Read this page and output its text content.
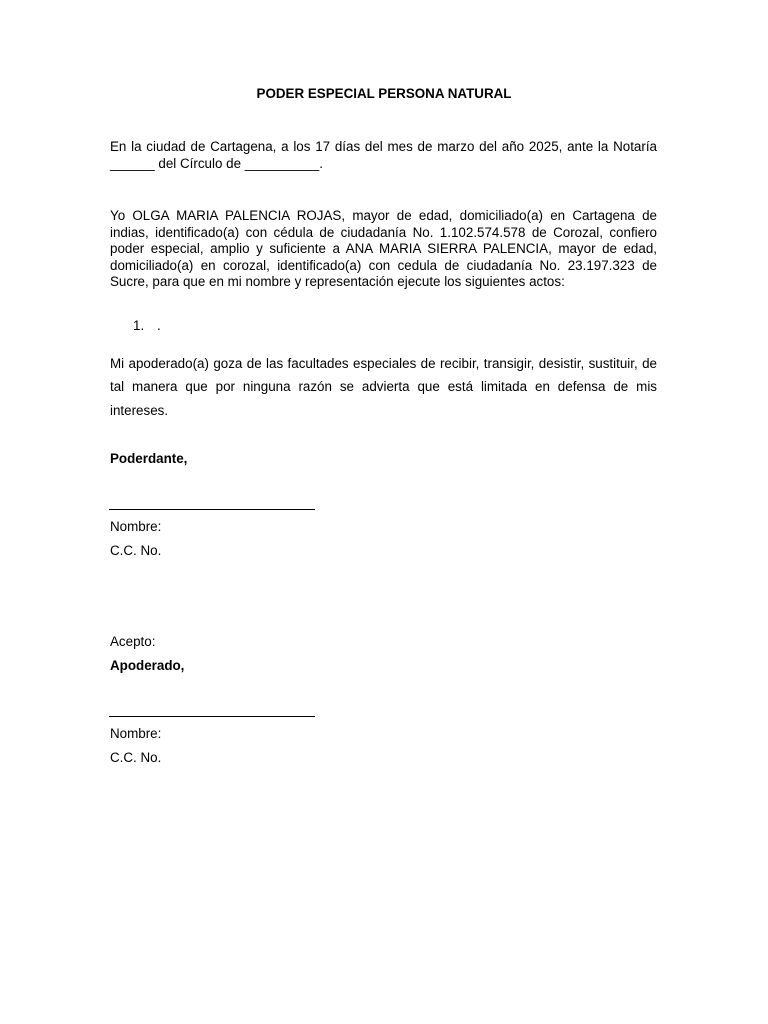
PODER ESPECIAL PERSONA NATURAL
En la ciudad de Cartagena, a los 17 días del mes de marzo del año 2025, ante la Notaría ______ del Círculo de __________.
Yo OLGA MARIA PALENCIA ROJAS, mayor de edad, domiciliado(a) en Cartagena de indias, identificado(a) con cédula de ciudadanía No. 1.102.574.578 de Corozal, confiero poder especial, amplio y suficiente a ANA MARIA SIERRA PALENCIA, mayor de edad, domiciliado(a) en corozal, identificado(a) con cedula de ciudadanía No. 23.197.323 de Sucre, para que en mi nombre y representación ejecute los siguientes actos:
1. .
Mi apoderado(a) goza de las facultades especiales de recibir, transigir, desistir, sustituir, de tal manera que por ninguna razón se advierta que está limitada en defensa de mis intereses.
Poderdante,
Nombre:
C.C. No.
Acepto:
Apoderado,
Nombre:
C.C. No.
